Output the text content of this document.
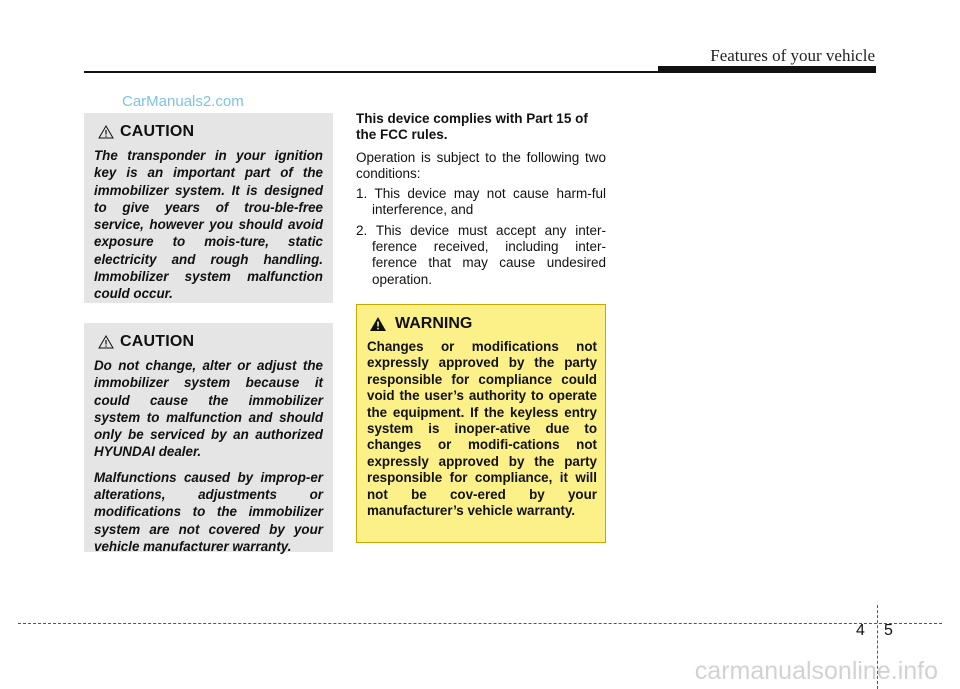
Features of your vehicle
CarManuals2.com
CAUTION

The transponder in your ignition key is an important part of the immobilizer system. It is designed to give years of trou-ble-free service, however you should avoid exposure to mois-ture, static electricity and rough handling. Immobilizer system malfunction could occur.

CAUTION

Do not change, alter or adjust the immobilizer system because it could cause the immobilizer system to malfunction and should only be serviced by an authorized HYUNDAI dealer.

Malfunctions caused by improp-er alterations, adjustments or modifications to the immobilizer system are not covered by your vehicle manufacturer warranty.

This device complies with Part 15 of the FCC rules.

Operation is subject to the following two conditions:

1. This device may not cause harm-ful interference, and
2. This device must accept any inter-ference received, including inter-ference that may cause undesired operation.
WARNING

Changes or modifications not expressly approved by the party responsible for compliance could void the user’s authority to operate the equipment. If the keyless entry system is inoper-ative due to changes or modifi-cations not expressly approved by the party responsible for compliance, it will not be cov-ered by your manufacturer’s vehicle warranty.

4 5
carmanualsonline.info
